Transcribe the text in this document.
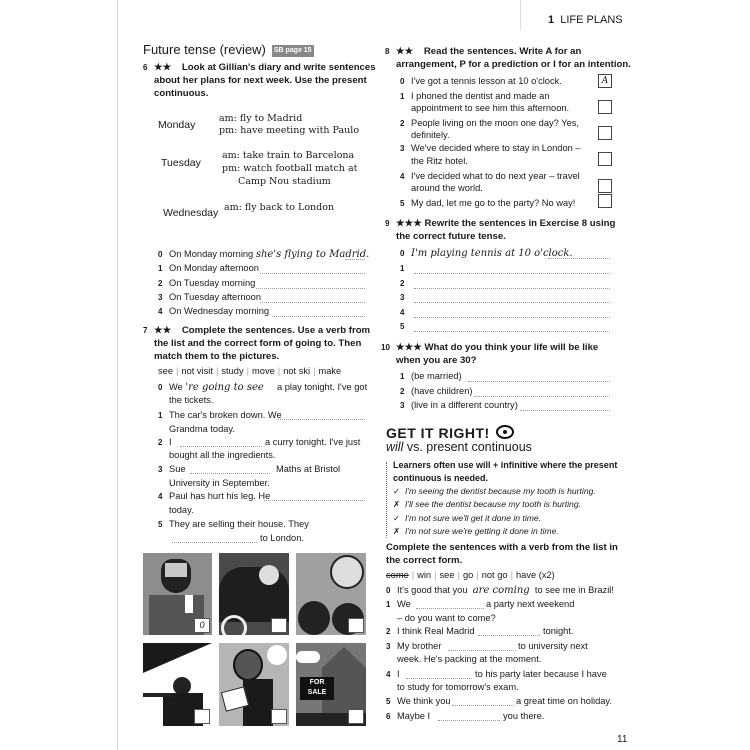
1 LIFE PLANS
Future tense (review) SB page 15
6 ★★ Look at Gillian's diary and write sentences
about her plans for next week. Use the present
continuous.
Monday
am: fly to Madrid
pm: have meeting with Paulo
Tuesday
am: take train to Barcelona
pm: watch football match at
Camp Nou stadium
Wednesday am: fly back to London
0 On Monday morning she's flying to Madrid.
1 On Monday afternoon
2 On Tuesday morning
3 On Tuesday afternoon
4 On Wednesday morning
7 ★★ Complete the sentences. Use a verb from
the list and the correct form of going to. Then
match them to the pictures.
see | not visit | study | move | not ski | make
0 We 're going to see a play tonight. I've got
the tickets.
1 The car's broken down. We
Grandma today.
2 I	a curry tonight. I've just
bought all the ingredients.
3 Sue	Maths at Bristol
University in September.
4 Paul has hurt his leg. He
today.
5 They are selling their house. They
to London.
0
FOR SALE
8 ★★ Read the sentences. Write A for an
arrangement, P for a prediction or I for an intention.
0 I've got a tennis lesson at 10 o'clock.	A
1 I phoned the dentist and made an
appointment to see him this afternoon.
2 People living on the moon one day? Yes,
definitely.
3 We've decided where to stay in London –
the Ritz hotel.
4 I've decided what to do next year – travel
around the world.
5 My dad, let me go to the party? No way!
9 ★★★ Rewrite the sentences in Exercise 8 using
the correct future tense.
0 I'm playing tennis at 10 o'clock.
1
2
3
4
5
10 ★★★ What do you think your life will be like
when you are 30?
1 (be married)
2 (have children)
3 (live in a different country)
GET IT RIGHT!
will vs. present continuous
Learners often use will + infinitive where the present
continuous is needed.
✓ I'm seeing the dentist because my tooth is hurting.
✗ I'll see the dentist because my tooth is hurting.
✓ I'm not sure we'll get it done in time.
✗ I'm not sure we're getting it done in time.
Complete the sentences with a verb from the list in
the correct form.
come | win | see | go | not go | have (x2)
0 It's good that you are coming to see me in Brazil!
1 We	a party next weekend
– do you want to come?
2 I think Real Madrid	tonight.
3 My brother	to university next
week. He's packing at the moment.
4 I	to his party later because I have
to study for tomorrow's exam.
5 We think you	a great time on holiday.
6 Maybe I	you there.
11
